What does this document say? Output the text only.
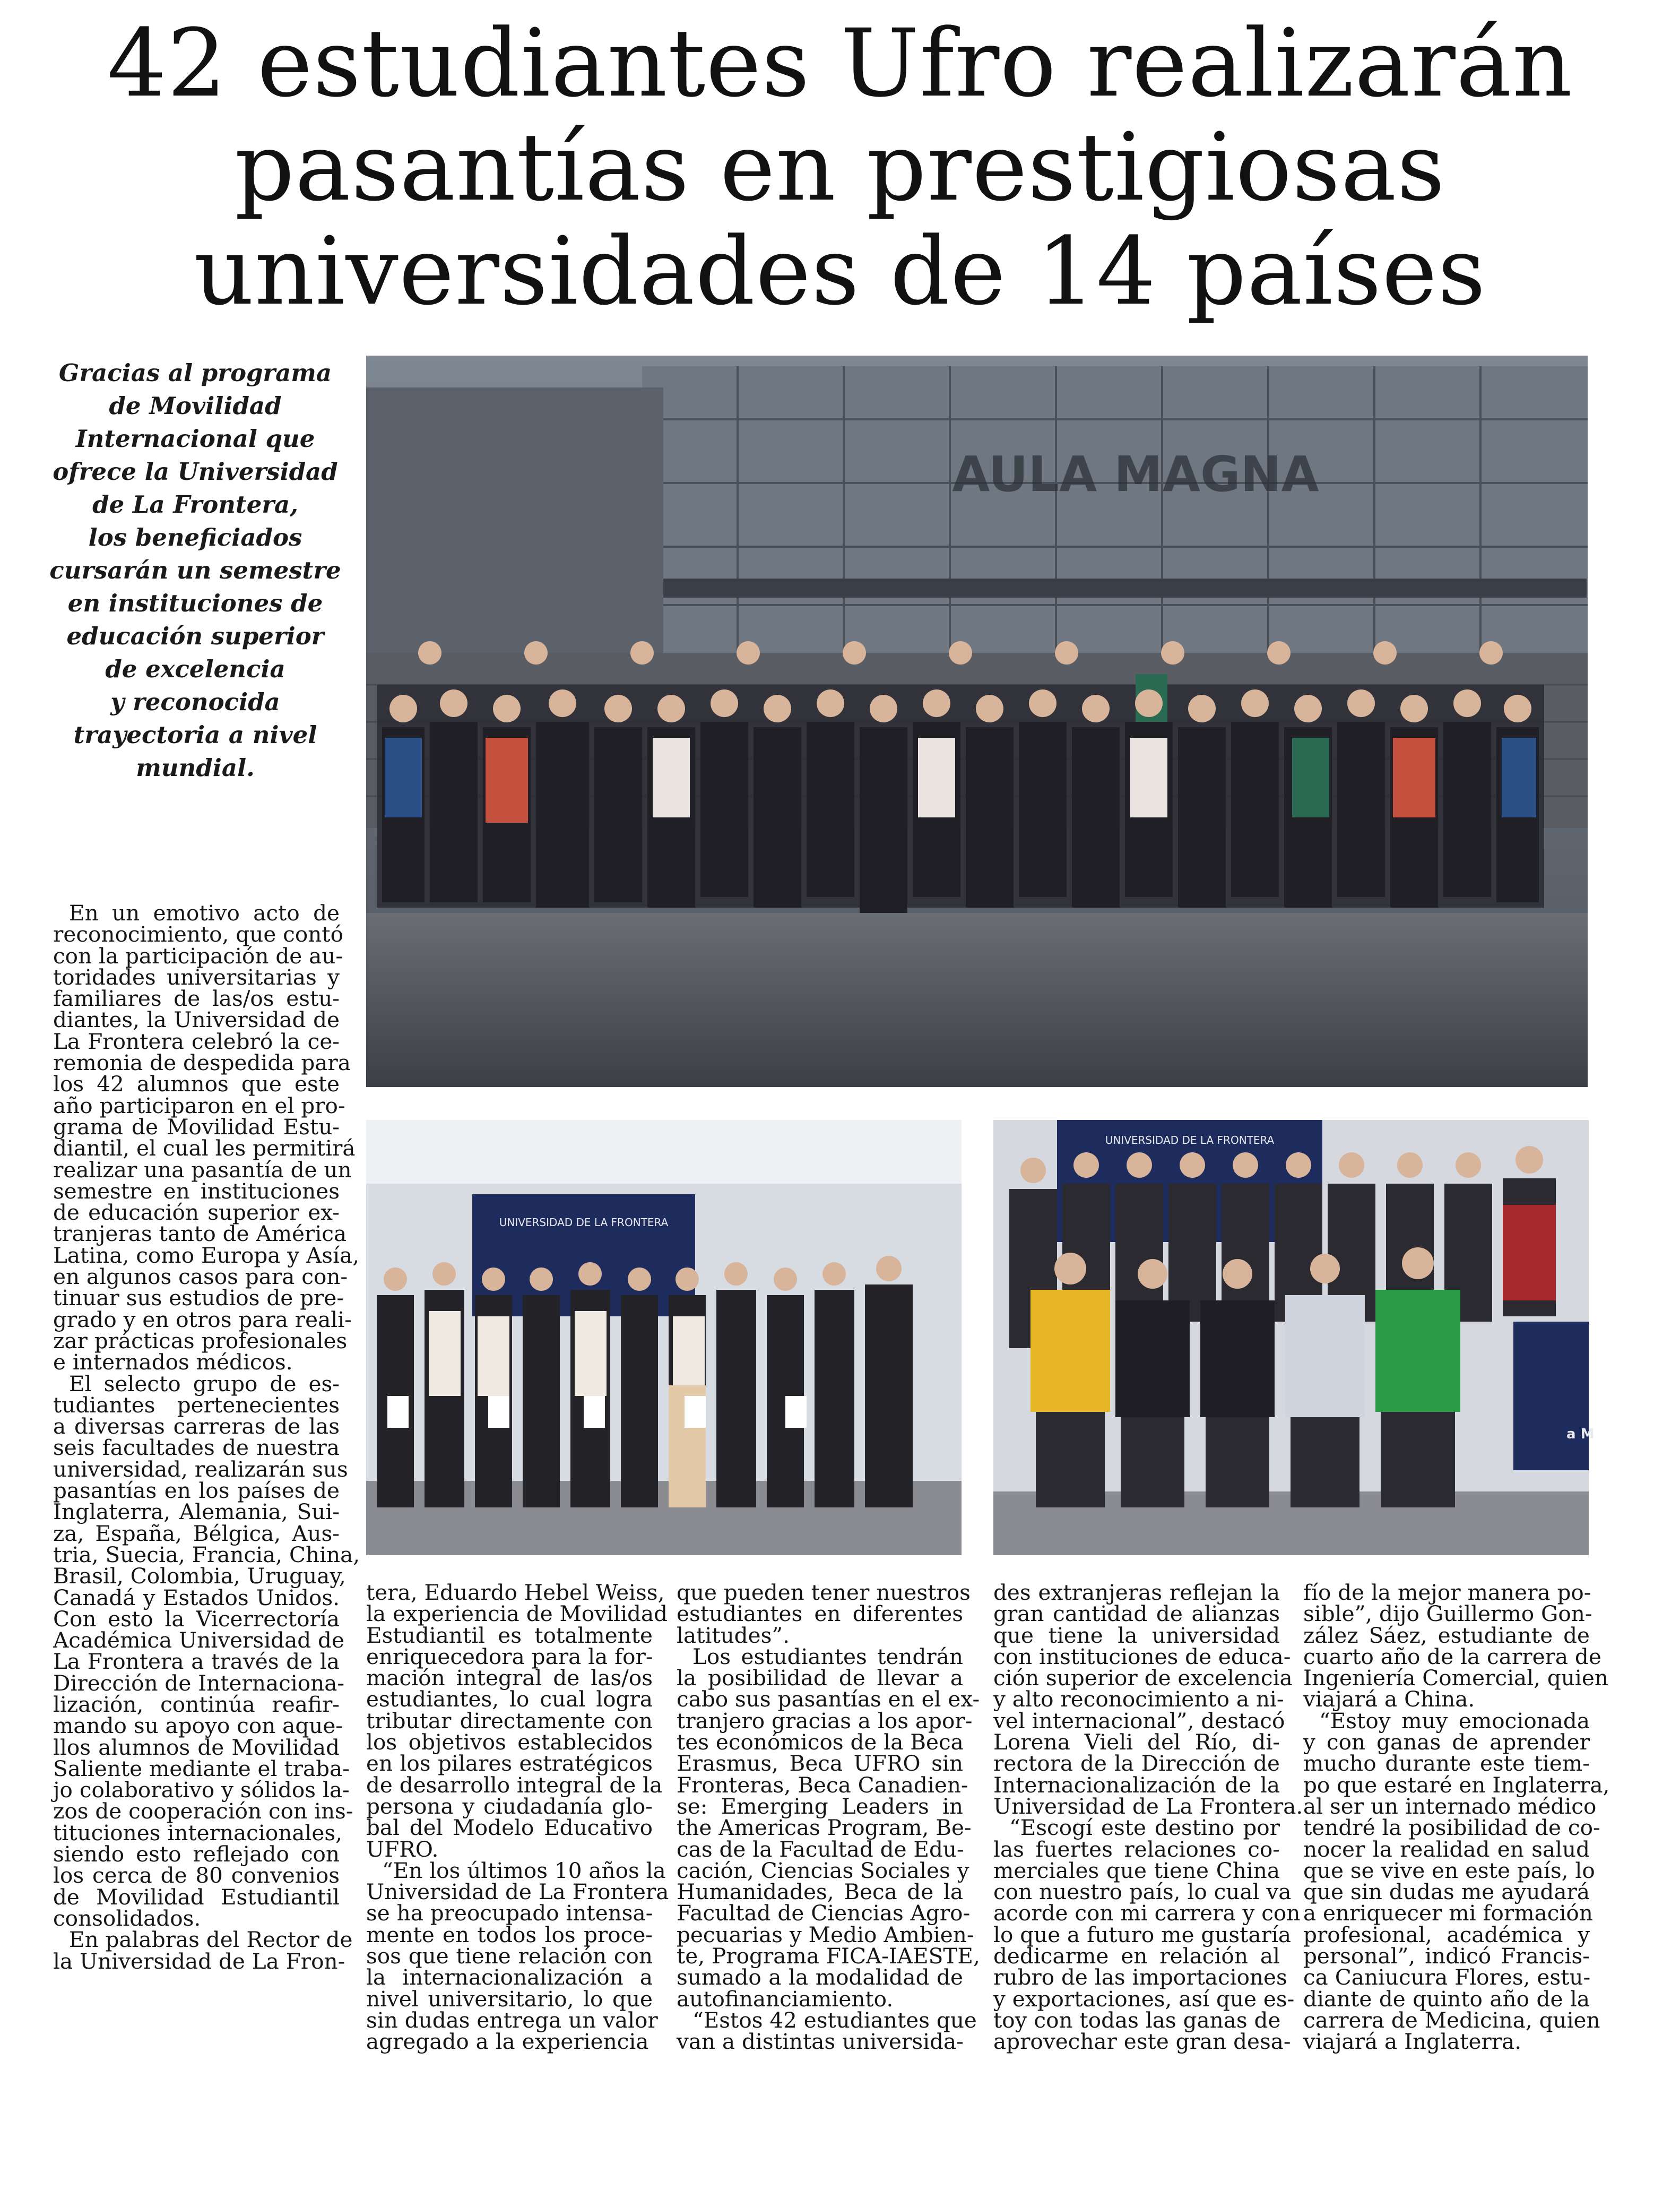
42 estudiantes Ufro realizarán
pasantías en prestigiosas
universidades de 14 países
Gracias al programa
de Movilidad
Internacional que
ofrece la Universidad
de La Frontera,
los beneficiados
cursarán un semestre
en instituciones de
educación superior
de excelencia
y reconocida
trayectoria a nivel
mundial.
AULA MAGNA
UNIVERSIDAD DE LA FRONTERA
UNIVERSIDAD DE LA FRONTERA
a M
En un emotivo acto de
reconocimiento, que contó
con la participación de au-
toridades universitarias y
familiares de las/os estu-
diantes, la Universidad de
La Frontera celebró la ce-
remonia de despedida para
los 42 alumnos que este
año participaron en el pro-
grama de Movilidad Estu-
diantil, el cual les permitirá
realizar una pasantía de un
semestre en instituciones
de educación superior ex-
tranjeras tanto de América
Latina, como Europa y Asía,
en algunos casos para con-
tinuar sus estudios de pre-
grado y en otros para reali-
zar prácticas profesionales
e internados médicos.
El selecto grupo de es-
tudiantes pertenecientes
a diversas carreras de las
seis facultades de nuestra
universidad, realizarán sus
pasantías en los países de
Inglaterra, Alemania, Sui-
za, España, Bélgica, Aus-
tria, Suecia, Francia, China,
Brasil, Colombia, Uruguay,
Canadá y Estados Unidos.
Con esto la Vicerrectoría
Académica Universidad de
La Frontera a través de la
Dirección de Internaciona-
lización, continúa reafir-
mando su apoyo con aque-
llos alumnos de Movilidad
Saliente mediante el traba-
jo colaborativo y sólidos la-
zos de cooperación con ins-
tituciones internacionales,
siendo esto reflejado con
los cerca de 80 convenios
de Movilidad Estudiantil
consolidados.
En palabras del Rector de
la Universidad de La Fron-
tera, Eduardo Hebel Weiss,
la experiencia de Movilidad
Estudiantil es totalmente
enriquecedora para la for-
mación integral de las/os
estudiantes, lo cual logra
tributar directamente con
los objetivos establecidos
en los pilares estratégicos
de desarrollo integral de la
persona y ciudadanía glo-
bal del Modelo Educativo
UFRO.
“En los últimos 10 años la
Universidad de La Frontera
se ha preocupado intensa-
mente en todos los proce-
sos que tiene relación con
la internacionalización a
nivel universitario, lo que
sin dudas entrega un valor
agregado a la experiencia
que pueden tener nuestros
estudiantes en diferentes
latitudes”.
Los estudiantes tendrán
la posibilidad de llevar a
cabo sus pasantías en el ex-
tranjero gracias a los apor-
tes económicos de la Beca
Erasmus, Beca UFRO sin
Fronteras, Beca Canadien-
se: Emerging Leaders in
the Americas Program, Be-
cas de la Facultad de Edu-
cación, Ciencias Sociales y
Humanidades, Beca de la
Facultad de Ciencias Agro-
pecuarias y Medio Ambien-
te, Programa FICA-IAESTE,
sumado a la modalidad de
autofinanciamiento.
“Estos 42 estudiantes que
van a distintas universida-
des extranjeras reflejan la
gran cantidad de alianzas
que tiene la universidad
con instituciones de educa-
ción superior de excelencia
y alto reconocimiento a ni-
vel internacional”, destacó
Lorena Vieli del Río, di-
rectora de la Dirección de
Internacionalización de la
Universidad de La Frontera.
“Escogí este destino por
las fuertes relaciones co-
merciales que tiene China
con nuestro país, lo cual va
acorde con mi carrera y con
lo que a futuro me gustaría
dedicarme en relación al
rubro de las importaciones
y exportaciones, así que es-
toy con todas las ganas de
aprovechar este gran desa-
fío de la mejor manera po-
sible”, dijo Guillermo Gon-
zález Sáez, estudiante de
cuarto año de la carrera de
Ingeniería Comercial, quien
viajará a China.
“Estoy muy emocionada
y con ganas de aprender
mucho durante este tiem-
po que estaré en Inglaterra,
al ser un internado médico
tendré la posibilidad de co-
nocer la realidad en salud
que se vive en este país, lo
que sin dudas me ayudará
a enriquecer mi formación
profesional, académica y
personal”, indicó Francis-
ca Caniucura Flores, estu-
diante de quinto año de la
carrera de Medicina, quien
viajará a Inglaterra.
